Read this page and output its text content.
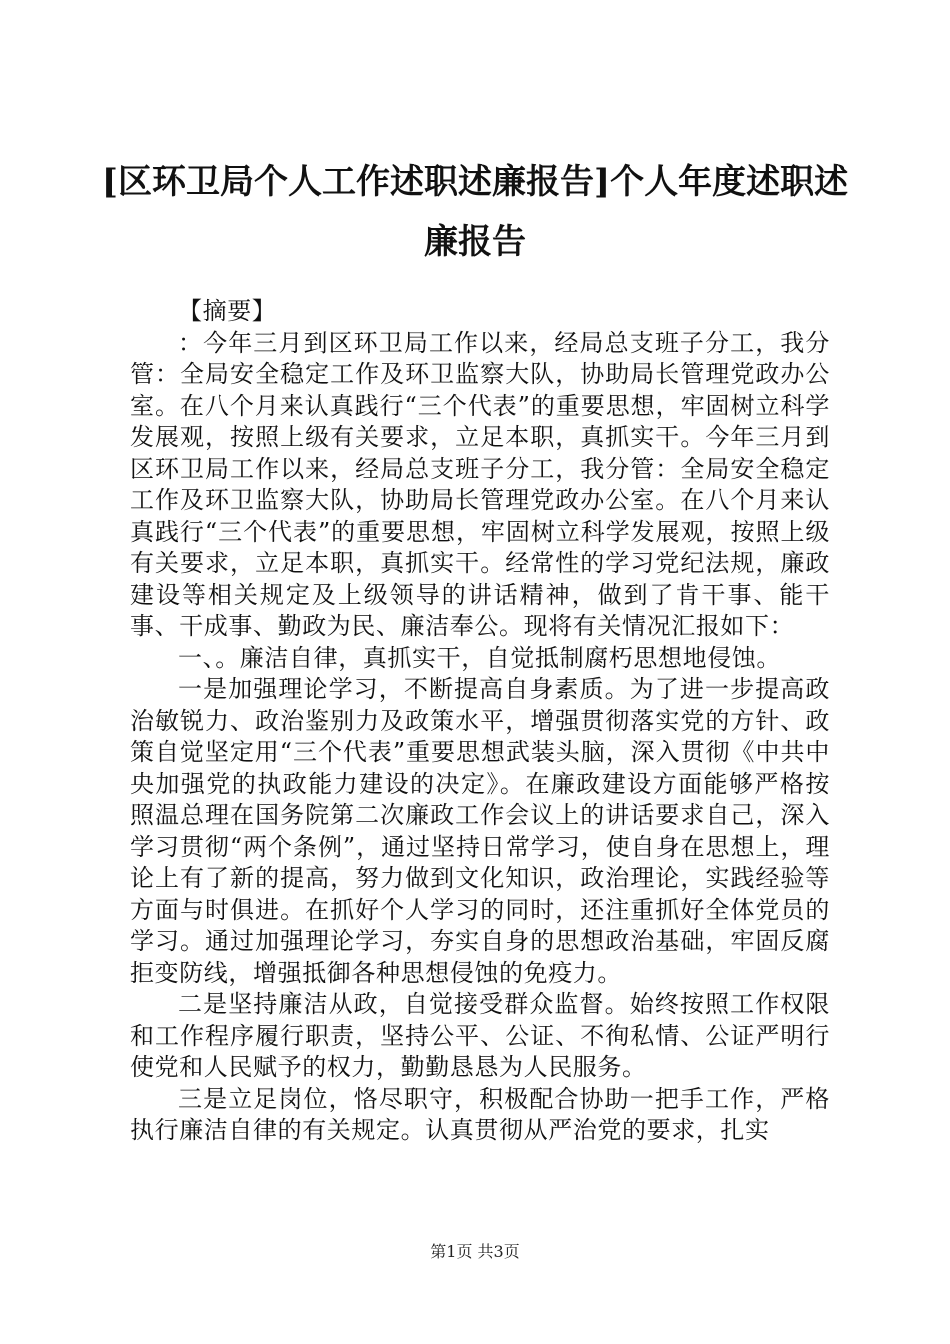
[区环卫局个人工作述职述廉报告]个人年度述职述廉报告

【摘要】

：今年三月到区环卫局工作以来，经局总支班子分工，我分管：全局安全稳定工作及环卫监察大队，协助局长管理党政办公室。在八个月来认真践行“三个代表”的重要思想，牢固树立科学发展观，按照上级有关要求，立足本职，真抓实干。今年三月到区环卫局工作以来，经局总支班子分工，我分管：全局安全稳定工作及环卫监察大队，协助局长管理党政办公室。在八个月来认真践行“三个代表”的重要思想，牢固树立科学发展观，按照上级有关要求，立足本职，真抓实干。经常性的学习党纪法规，廉政建设等相关规定及上级领导的讲话精神，做到了肯干事、能干事、干成事、勤政为民、廉洁奉公。现将有关情况汇报如下：

一、。廉洁自律，真抓实干，自觉抵制腐朽思想地侵蚀。

一是加强理论学习，不断提高自身素质。为了进一步提高政治敏锐力、政治鉴别力及政策水平，增强贯彻落实党的方针、政策自觉坚定用“三个代表”重要思想武装头脑，深入贯彻《中共中央加强党的执政能力建设的决定》。在廉政建设方面能够严格按照温总理在国务院第二次廉政工作会议上的讲话要求自己，深入学习贯彻“两个条例”，通过坚持日常学习，使自身在思想上，理论上有了新的提高，努力做到文化知识，政治理论，实践经验等方面与时俱进。在抓好个人学习的同时，还注重抓好全体党员的学习。通过加强理论学习，夯实自身的思想政治基础，牢固反腐拒变防线，增强抵御各种思想侵蚀的免疫力。

二是坚持廉洁从政，自觉接受群众监督。始终按照工作权限和工作程序履行职责，坚持公平、公证、不徇私情、公证严明行使党和人民赋予的权力，勤勤恳恳为人民服务。

三是立足岗位，恪尽职守，积极配合协助一把手工作，严格执行廉洁自律的有关规定。认真贯彻从严治党的要求，扎实

第1页 共3页
